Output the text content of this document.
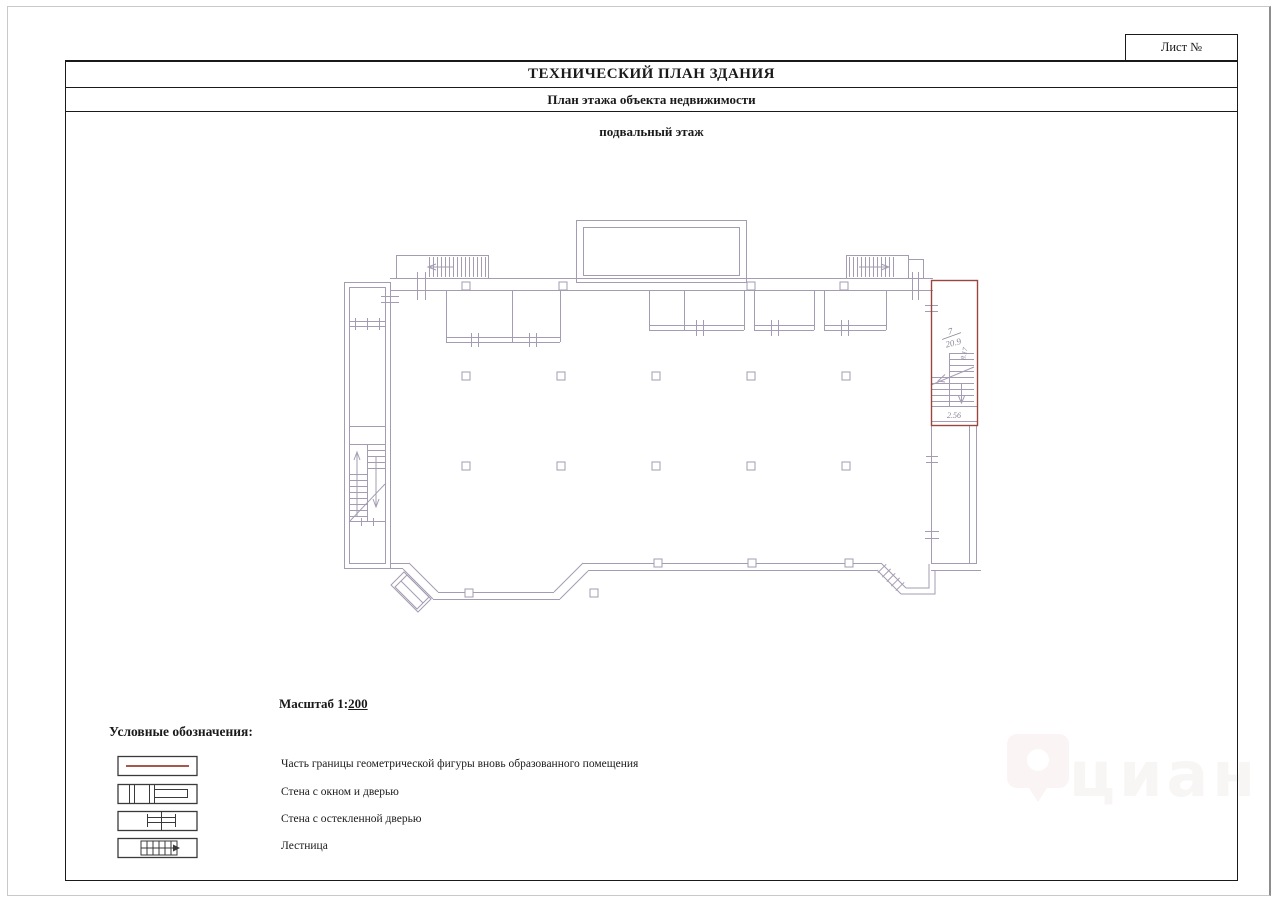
Лист №
ТЕХНИЧЕСКИЙ ПЛАН ЗДАНИЯ
План этажа объекта недвижимости
подвальный этаж
7
20.9
8.17
2.56
Масштаб 1:200
Условные обозначения:
Часть границы геометрической фигуры вновь образованного помещения
Стена с окном и дверью
Стена с остекленной дверью
Лестница
циан
